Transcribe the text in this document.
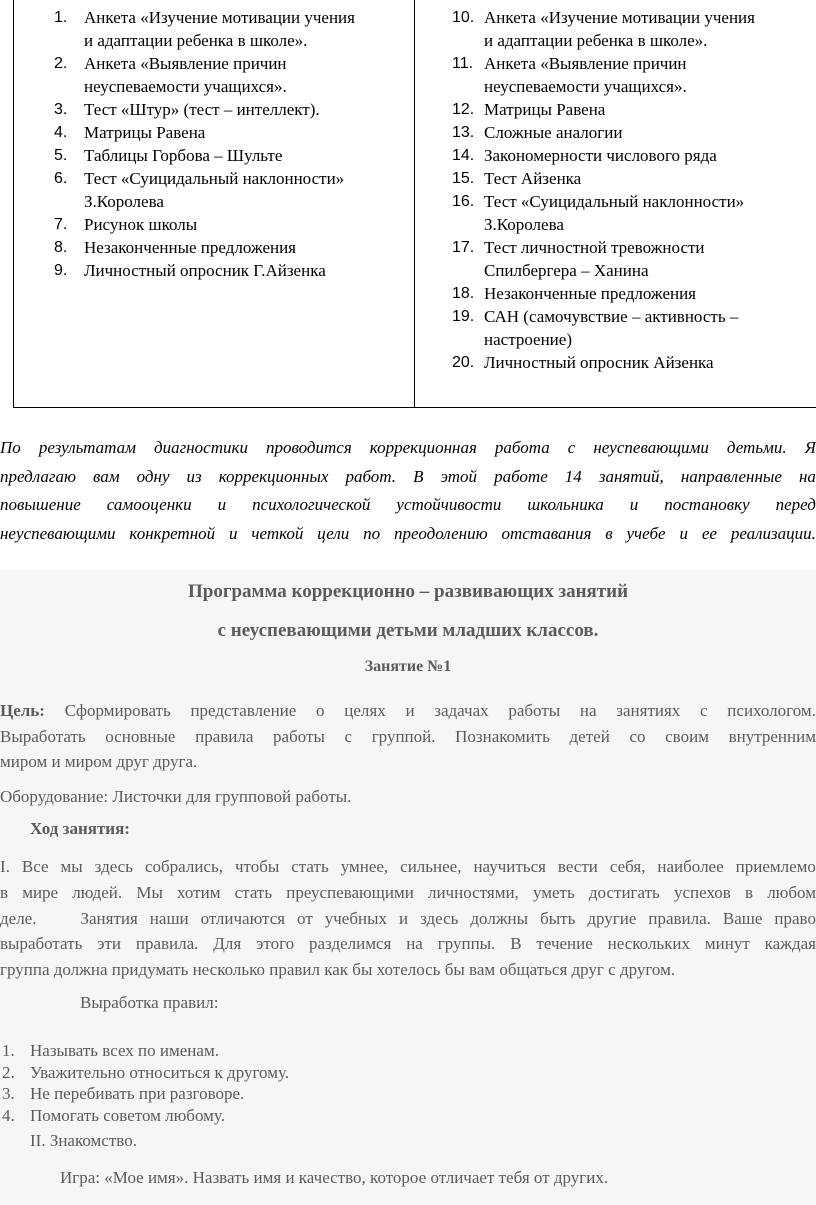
1. Анкета «Изучение мотивации учения
и адаптации ребенка в школе».
2. Анкета «Выявление причин
неуспеваемости учащихся».
3. Тест «Штур» (тест – интеллект).
4. Матрицы Равена
5. Таблицы Горбова – Шульте
6. Тест «Суицидальный наклонности»
З.Королева
7. Рисунок школы
8. Незаконченные предложения
9. Личностный опросник Г.Айзенка
10. Анкета «Изучение мотивации учения
и адаптации ребенка в школе».
11. Анкета «Выявление причин
неуспеваемости учащихся».
12. Матрицы Равена
13. Сложные аналогии
14. Закономерности числового ряда
15. Тест Айзенка
16. Тест «Суицидальный наклонности»
З.Королева
17. Тест личностной тревожности
Спилбергера – Ханина
18. Незаконченные предложения
19. САН (самочувствие – активность –
настроение)
20. Личностный опросник Айзенка
По результатам диагностики проводится коррекционная работа с неуспевающими детьми. Я
предлагаю вам одну из коррекционных работ. В этой работе 14 занятий, направленные на
повышение самооценки и психологической устойчивости школьника и постановку перед
неуспевающими конкретной и четкой цели по преодолению отставания в учебе и ее реализации.
Программа коррекционно – развивающих занятий
с неуспевающими детьми младших классов.
Занятие №1
Цель: Сформировать представление о целях и задачах работы на занятиях с психологом.
Выработать основные правила работы с группой. Познакомить детей со своим внутренним
миром и миром друг друга.
Оборудование: Листочки для групповой работы.
Ход занятия:
I. Все мы здесь собрались, чтобы стать умнее, сильнее, научиться вести себя, наиболее приемлемо
в мире людей. Мы хотим стать преуспевающими личностями, уметь достигать успехов в любом
деле.	Занятия наши отличаются от учебных и здесь должны быть другие правила. Ваше право
выработать эти правила. Для этого разделимся на группы. В течение нескольких минут каждая
группа должна придумать несколько правил как бы хотелось бы вам общаться друг с другом.
Выработка правил:
1. Называть всех по именам.
2. Уважительно относиться к другому.
3. Не перебивать при разговоре.
4. Помогать советом любому.
II. Знакомство.
Игра: «Мое имя». Назвать имя и качество, которое отличает тебя от других.
